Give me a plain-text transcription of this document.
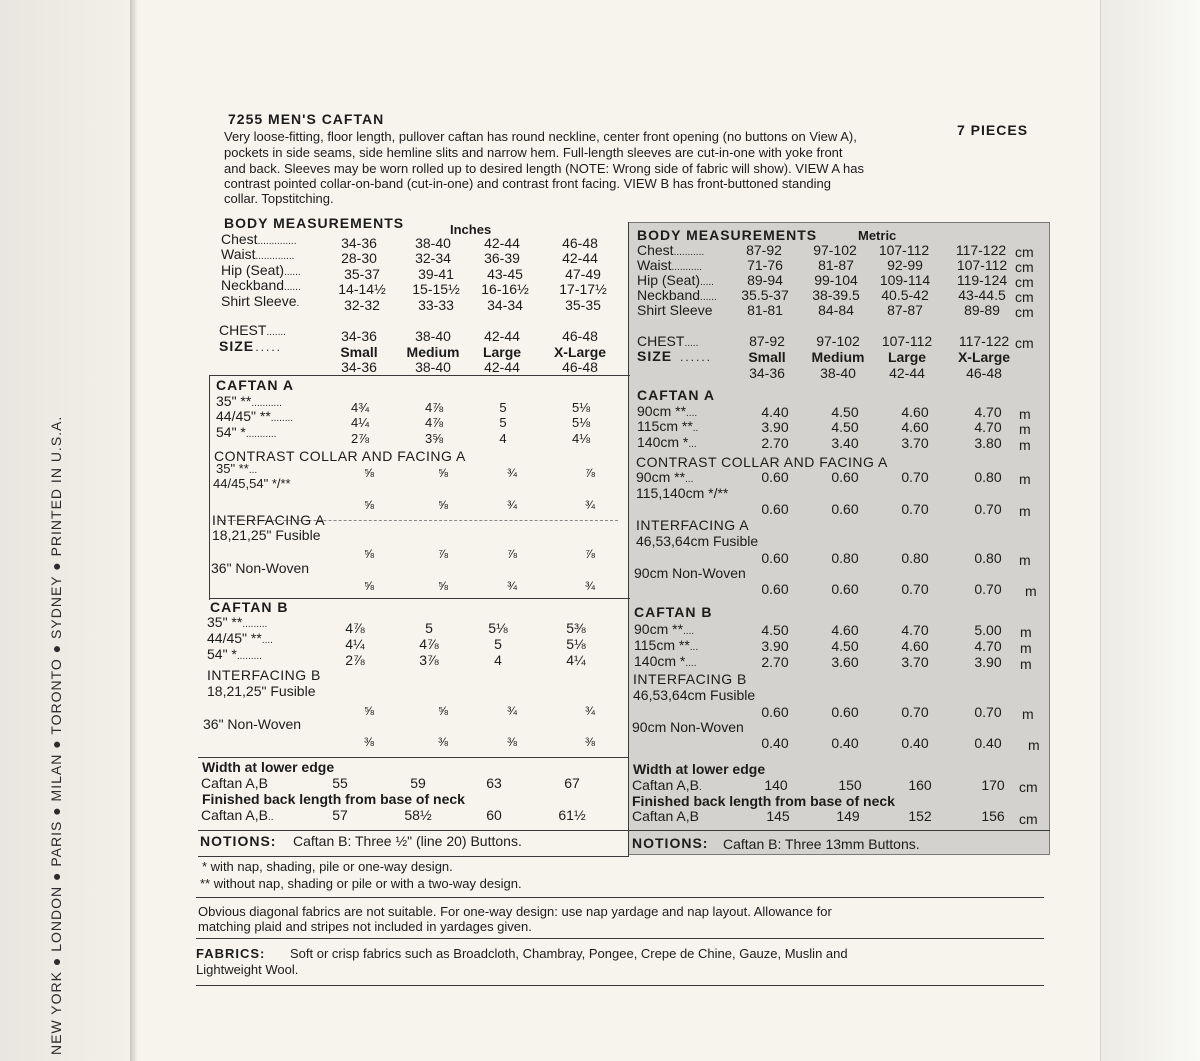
NEW YORK ● LONDON ● PARIS ● MILAN ● TORONTO ● SYDNEY ● PRINTED IN U.S.A.
7255 MEN'S CAFTAN
7 PIECES
Very loose-fitting, floor length, pullover caftan has round neckline, center front opening (no buttons on View A),
pockets in side seams, side hemline slits and narrow hem. Full-length sleeves are cut-in-one with yoke front
and back. Sleeves may be worn rolled up to desired length (NOTE: Wrong side of fabric will show). VIEW A has
contrast pointed collar-on-band (cut-in-one) and contrast front facing. VIEW B has front-buttoned standing
collar. Topstitching.
BODY MEASUREMENTS	Inches
Chest..............	34-36	38-40 42-44	46-48
Waist..............	28-30	32-34 36-39	42-44
Hip (Seat)......	35-37	39-41 43-45	47-49
Neckband......	14-14½ 15-15½ 16-16½ 17-17½
Shirt Sleeve.	32-32	33-33 34-34	35-35
CHEST.......
SIZE
......
34-36	38-40 42-44	46-48
Small Medium Large X-Large
34-36	38-40 42-44	46-48
CAFTAN A
35" **...........	4¾	4⅞	5	5⅛
44/45" **........	4¼	4⅞	5	5⅛
54" *...........	2⅞	3⅝	4	4⅛
CONTRAST COLLAR AND FACING A
35" **...	⅝	⅝	¾	⅞
44/45,54" */**
⅝	⅝	¾	¾
INTERFACING A
18,21,25" Fusible
⅝	⅞	⅞	⅞
36" Non-Woven
⅝	⅝	¾	¾
CAFTAN B
35" **.........	4⅞	5	5⅛	5⅜
44/45" **....	4¼	4⅞	5	5⅛
54" *.........	2⅞	3⅞	4	4¼
INTERFACING B
18,21,25" Fusible
⅝	⅝	¾	¾
36" Non-Woven
⅜	⅜	⅜	⅜
Width at lower edge
Caftan A,B	55	59	63	67
Finished back length from base of neck
Caftan A,B..	57	58½	60	61½
NOTIONS: Caftan B: Three ½" (line 20) Buttons.
BODY MEASUREMENTS	Metric
Chest...........	87-92 97-102 107-112 117-122 cm
Waist...........	71-76	81-87 92-99 107-112 cm
Hip (Seat)..... 89-94 99-104 109-114 119-124 cm
Neckband...... 35.5-37 38-39.5 40.5-42 43-44.5 cm
Shirt Sleeve 81-81	84-84 87-87	89-89 cm
CHEST.....
SIZE ......
87-92 97-102 107-112 117-122 cm
Small Medium Large X-Large
34-36	38-40 42-44	46-48
CAFTAN A
90cm **....	4.40	4.50	4.60	4.70 m
115cm **..	3.90	4.50	4.60	4.70 m
140cm *...	2.70	3.40	3.70	3.80 m
CONTRAST COLLAR AND FACING A
90cm **...	0.60	0.60	0.70	0.80 m
115,140cm */**
0.60	0.60	0.70	0.70 m
INTERFACING A
46,53,64cm Fusible
0.60	0.80	0.80	0.80 m
90cm Non-Woven
0.60	0.60	0.70	0.70 m
CAFTAN B
90cm **....	4.50	4.60	4.70	5.00 m
115cm **...	3.90	4.50	4.60	4.70 m
140cm *....	2.70	3.60	3.70	3.90 m
INTERFACING B
46,53,64cm Fusible
0.60	0.60	0.70	0.70 m
90cm Non-Woven
0.40	0.40	0.40	0.40 m
Width at lower edge
Caftan A,B.	140	150	160	170 cm
Finished back length from base of neck
Caftan A,B	145	149	152	156 cm
NOTIONS: Caftan B: Three 13mm Buttons.
* with nap, shading, pile or one-way design.
** without nap, shading or pile or with a two-way design.
Obvious diagonal fabrics are not suitable. For one-way design: use nap yardage and nap layout. Allowance for
matching plaid and stripes not included in yardages given.
FABRICS: Soft or crisp fabrics such as Broadcloth, Chambray, Pongee, Crepe de Chine, Gauze, Muslin and
Lightweight Wool.
